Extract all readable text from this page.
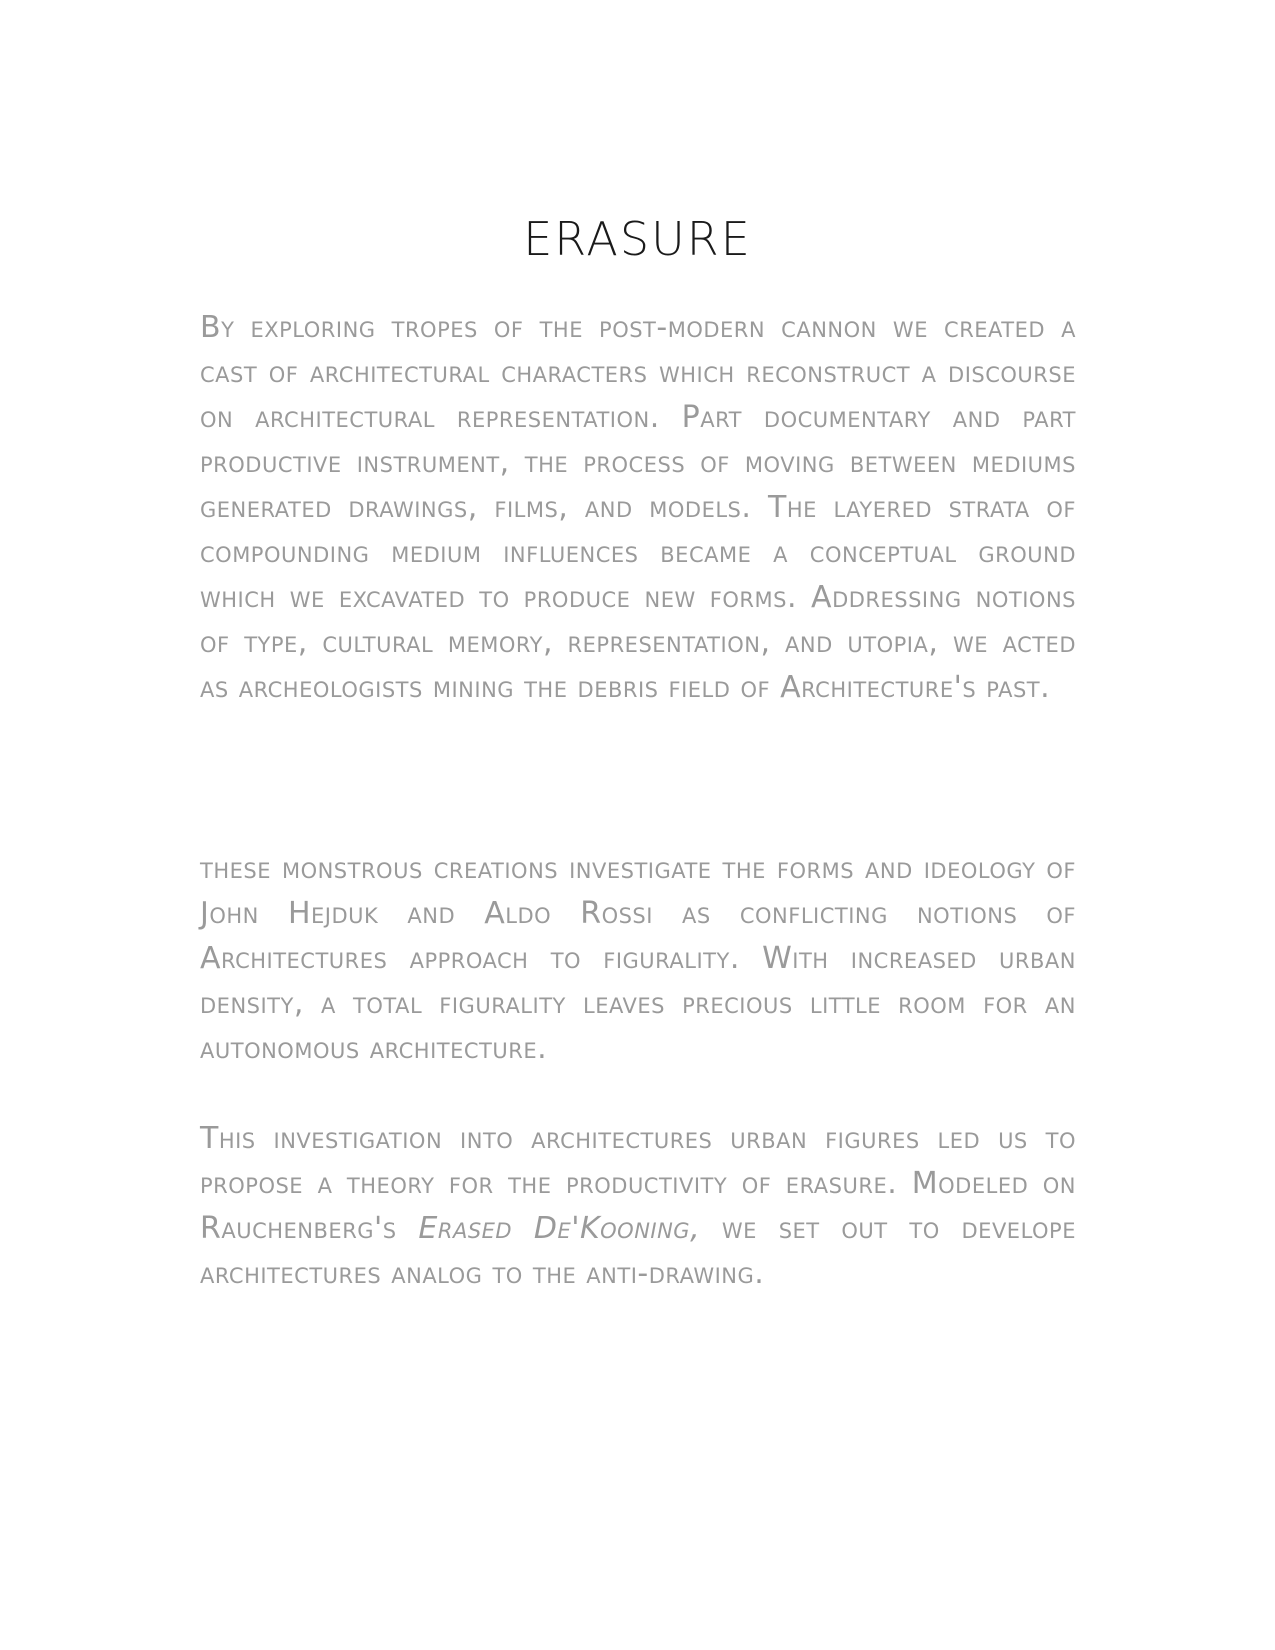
ERASURE

By exploring tropes of the post-modern cannon we created a cast of architectural characters which reconstruct a discourse on architectural representation. Part documentary and part productive instrument, the process of moving between mediums generated drawings, films, and models. The layered strata of compounding medium influences became a conceptual ground which we excavated to produce new forms. Addressing notions of type, cultural memory, representation, and utopia, we acted as archeologists mining the debris field of Architecture's past.

these monstrous creations investigate the forms and ideology of John Hejduk and Aldo Rossi as conflicting notions of Architectures approach to figurality. With increased urban density, a total figurality leaves precious little room for an autonomous architecture.

This investigation into architectures urban figures led us to propose a theory for the productivity of erasure. Modeled on Rauchenberg's Erased De'Kooning, we set out to develope architectures analog to the anti-drawing.
